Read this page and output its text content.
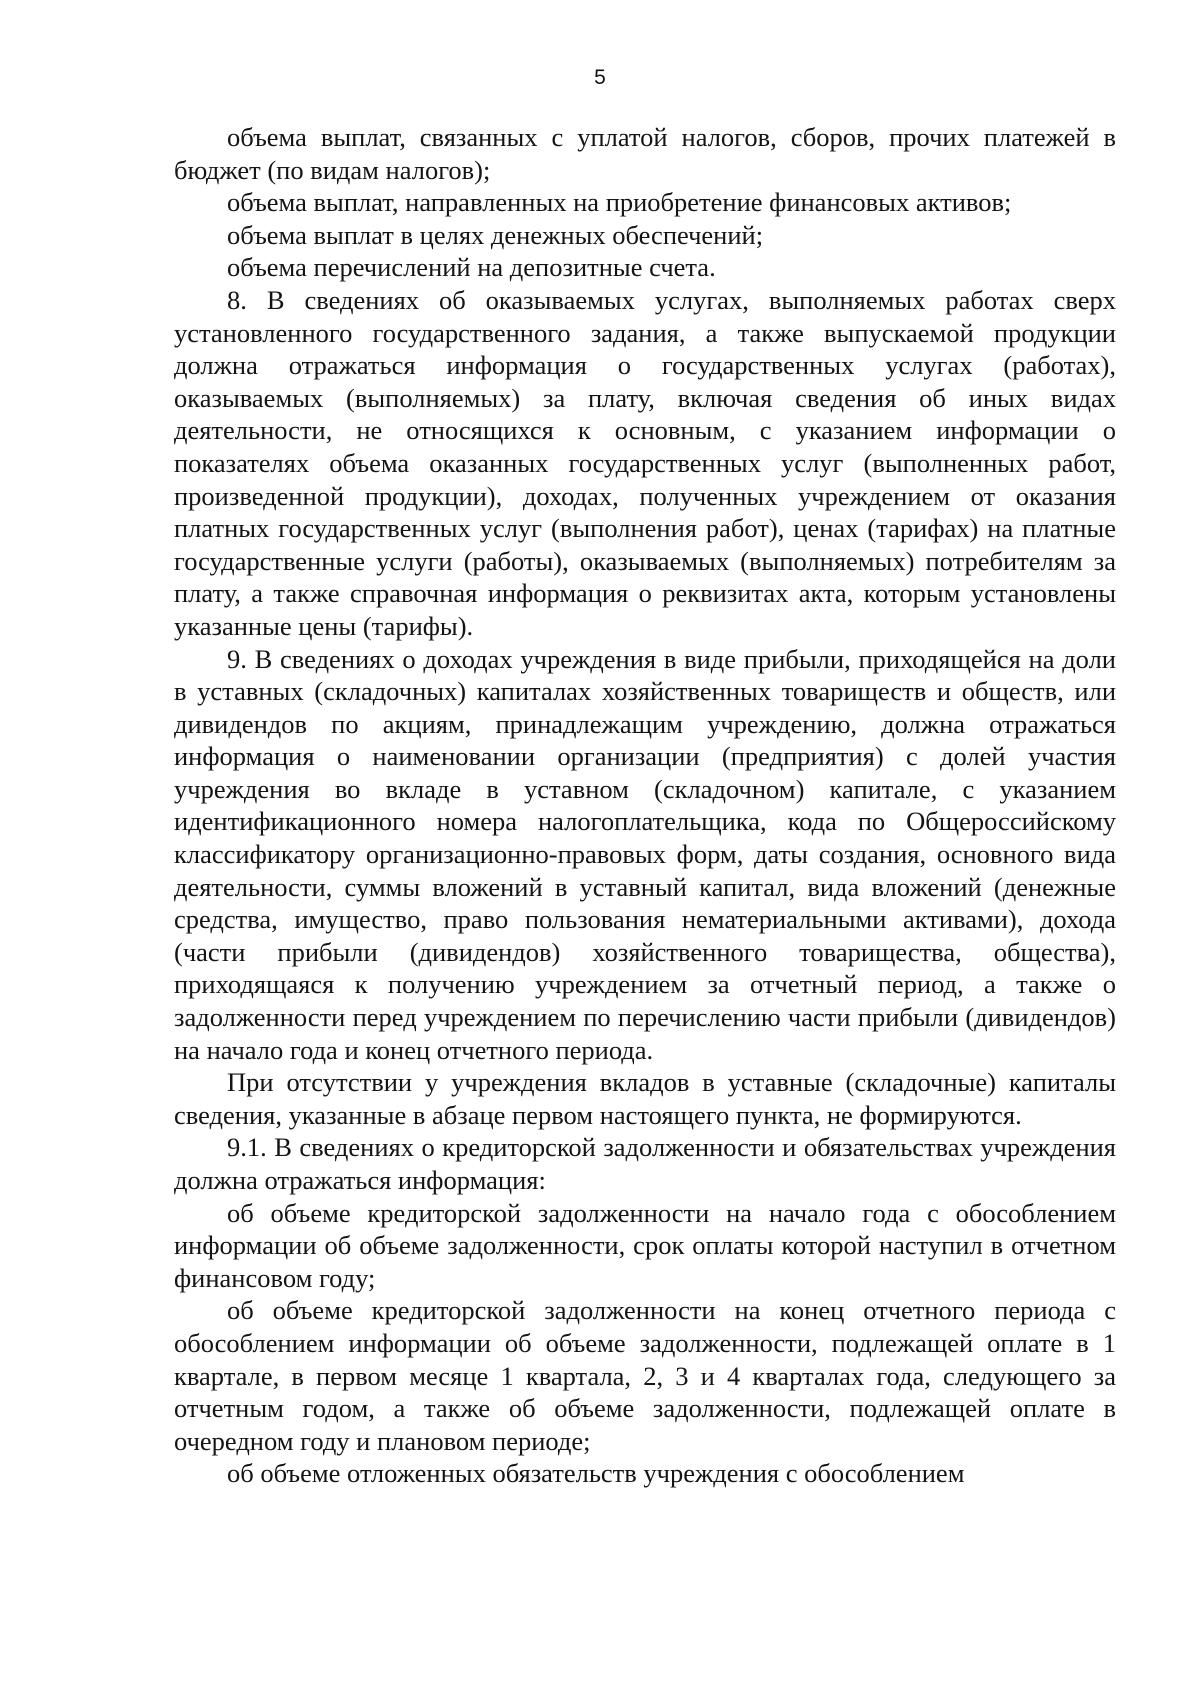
5

объема выплат, связанных с уплатой налогов, сборов, прочих платежей в бюджет (по видам налогов);

объема выплат, направленных на приобретение финансовых активов;

объема выплат в целях денежных обеспечений;

объема перечислений на депозитные счета.

8. В сведениях об оказываемых услугах, выполняемых работах сверх установленного государственного задания, а также выпускаемой продукции должна отражаться информация о государственных услугах (работах), оказываемых (выполняемых) за плату, включая сведения об иных видах деятельности, не относящихся к основным, с указанием информации о показателях объема оказанных государственных услуг (выполненных работ, произведенной продукции), доходах, полученных учреждением от оказания платных государственных услуг (выполнения работ), ценах (тарифах) на платные государственные услуги (работы), оказываемых (выполняемых) потребителям за плату, а также справочная информация о реквизитах акта, которым установлены указанные цены (тарифы).

9. В сведениях о доходах учреждения в виде прибыли, приходящейся на доли в уставных (складочных) капиталах хозяйственных товариществ и обществ, или дивидендов по акциям, принадлежащим учреждению, должна отражаться информация о наименовании организации (предприятия) с долей участия учреждения во вкладе в уставном (складочном) капитале, с указанием идентификационного номера налогоплательщика, кода по Общероссийскому классификатору организационно-правовых форм, даты создания, основного вида деятельности, суммы вложений в уставный капитал, вида вложений (денежные средства, имущество, право пользования нематериальными активами), дохода (части прибыли (дивидендов) хозяйственного товарищества, общества), приходящаяся к получению учреждением за отчетный период, а также о задолженности перед учреждением по перечислению части прибыли (дивидендов) на начало года и конец отчетного периода.

При отсутствии у учреждения вкладов в уставные (складочные) капиталы сведения, указанные в абзаце первом настоящего пункта, не формируются.

9.1. В сведениях о кредиторской задолженности и обязательствах учреждения должна отражаться информация:

об объеме кредиторской задолженности на начало года с обособлением информации об объеме задолженности, срок оплаты которой наступил в отчетном финансовом году;

об объеме кредиторской задолженности на конец отчетного периода с обособлением информации об объеме задолженности, подлежащей оплате в 1 квартале, в первом месяце 1 квартала, 2, 3 и 4 кварталах года, следующего за отчетным годом, а также об объеме задолженности, подлежащей оплате в очередном году и плановом периоде;

об объеме отложенных обязательств учреждения с обособлением
